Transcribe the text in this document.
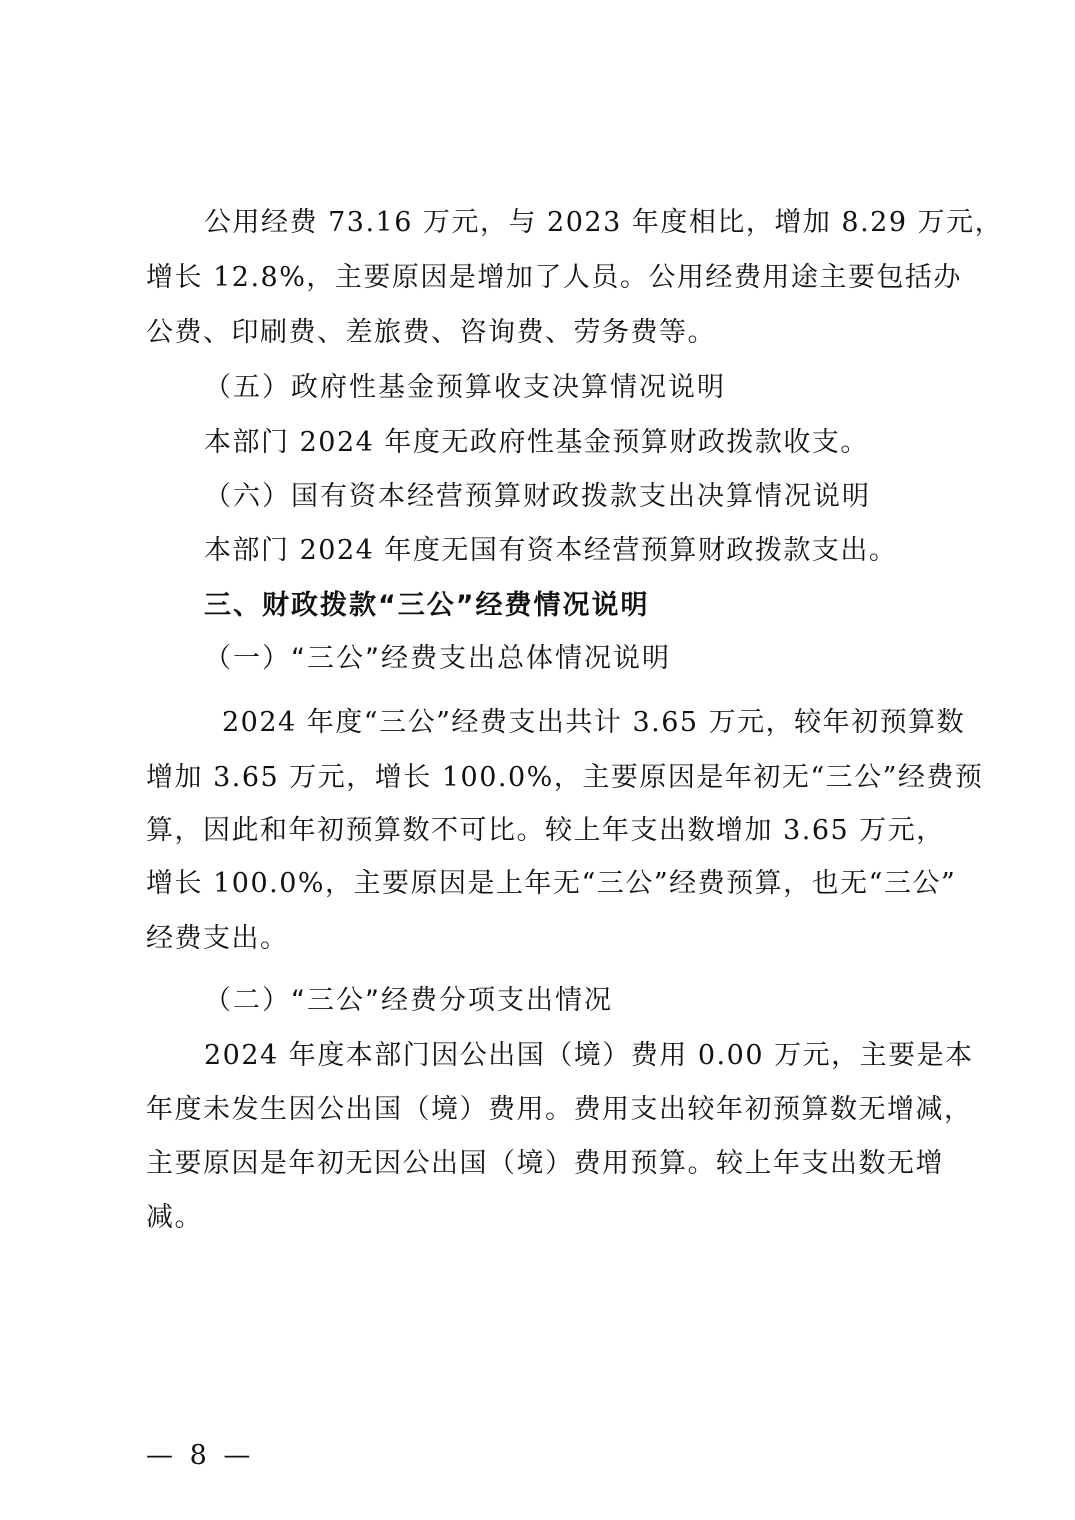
公用经费 73.16 万元，与 2023 年度相比，增加 8.29 万元，
增长 12.8%，主要原因是增加了人员。公用经费用途主要包括办
公费、印刷费、差旅费、咨询费、劳务费等。
（五）政府性基金预算收支决算情况说明
本部门 2024 年度无政府性基金预算财政拨款收支。
（六）国有资本经营预算财政拨款支出决算情况说明
本部门 2024 年度无国有资本经营预算财政拨款支出。
三、财政拨款“三公”经费情况说明
（一）“三公”经费支出总体情况说明
2024 年度“三公”经费支出共计 3.65 万元，较年初预算数
增加 3.65 万元，增长 100.0%，主要原因是年初无“三公”经费预
算，因此和年初预算数不可比。较上年支出数增加 3.65 万元，
增长 100.0%，主要原因是上年无“三公”经费预算，也无“三公”
经费支出。
（二）“三公”经费分项支出情况
2024 年度本部门因公出国（境）费用 0.00 万元，主要是本
年度未发生因公出国（境）费用。费用支出较年初预算数无增减，
主要原因是年初无因公出国（境）费用预算。较上年支出数无增
减。
— 8 —
